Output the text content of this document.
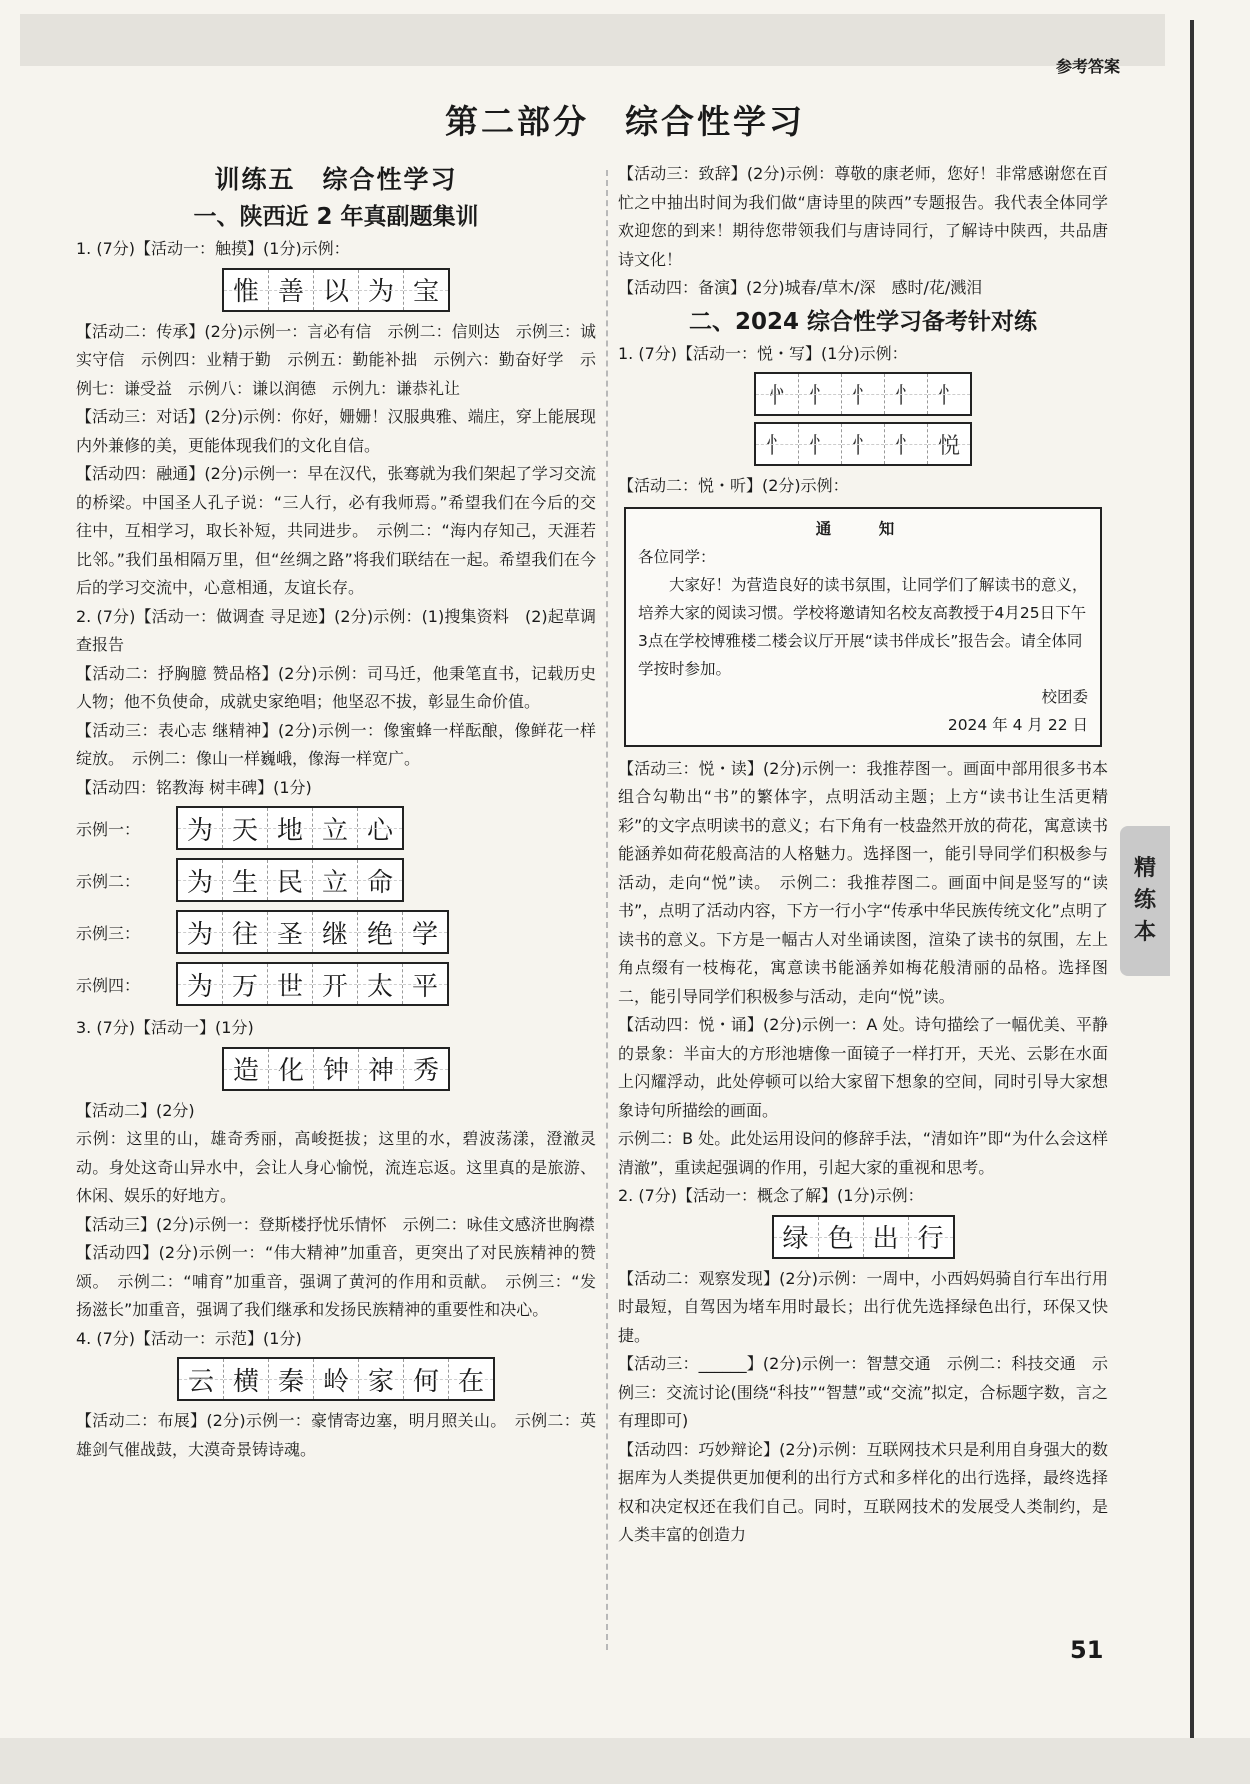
参考答案
第二部分　综合性学习
训练五　综合性学习
一、陕西近 2 年真副题集训

1. (7分)【活动一：触摸】(1分)示例：

惟 善 以 为 宝

【活动二：传承】(2分)示例一：言必有信　示例二：信则达　示例三：诚实守信　示例四：业精于勤　示例五：勤能补拙　示例六：勤奋好学　示例七：谦受益　示例八：谦以润德　示例九：谦恭礼让

【活动三：对话】(2分)示例：你好，姗姗！汉服典雅、端庄，穿上能展现内外兼修的美，更能体现我们的文化自信。

【活动四：融通】(2分)示例一：早在汉代，张骞就为我们架起了学习交流的桥梁。中国圣人孔子说：“三人行，必有我师焉。”希望我们在今后的交往中，互相学习，取长补短，共同进步。　示例二：“海内存知己，天涯若比邻。”我们虽相隔万里，但“丝绸之路”将我们联结在一起。希望我们在今后的学习交流中，心意相通，友谊长存。

2. (7分)【活动一：做调查 寻足迹】(2分)示例：(1)搜集资料　(2)起草调查报告

【活动二：抒胸臆 赞品格】(2分)示例：司马迁，他秉笔直书，记载历史人物；他不负使命，成就史家绝唱；他坚忍不拔，彰显生命价值。

【活动三：表心志 继精神】(2分)示例一：像蜜蜂一样酝酿，像鲜花一样绽放。　示例二：像山一样巍峨，像海一样宽广。

【活动四：铭教海 树丰碑】(1分)

示例一：	为 天 地 立 心
示例二：	为 生 民 立 命
示例三：	为 往 圣 继 绝 学
示例四：	为 万 世 开 太 平

3. (7分)【活动一】(1分)

造 化 钟 神 秀

【活动二】(2分)

示例：这里的山，雄奇秀丽，高峻挺拔；这里的水，碧波荡漾，澄澈灵动。身处这奇山异水中，会让人身心愉悦，流连忘返。这里真的是旅游、休闲、娱乐的好地方。

【活动三】(2分)示例一：登斯楼抒忧乐情怀　示例二：咏佳文感济世胸襟

【活动四】(2分)示例一：“伟大精神”加重音，更突出了对民族精神的赞颂。　示例二：“哺育”加重音，强调了黄河的作用和贡献。　示例三：“发扬滋长”加重音，强调了我们继承和发扬民族精神的重要性和决心。

4. (7分)【活动一：示范】(1分)

云 横 秦 岭 家 何 在

【活动二：布展】(2分)示例一：豪情寄边塞，明月照关山。　示例二：英雄剑气催战鼓，大漠奇景铸诗魂。

【活动三：致辞】(2分)示例：尊敬的康老师，您好！非常感谢您在百忙之中抽出时间为我们做“唐诗里的陕西”专题报告。我代表全体同学欢迎您的到来！期待您带领我们与唐诗同行，了解诗中陕西，共品唐诗文化！

【活动四：备演】(2分)城春/草木/深　感时/花/溅泪

二、2024 综合性学习备考针对练

1. (7分)【活动一：悦・写】(1分)示例：

㣺 忄 忄 忄 忄
忄 忄 忄 忄 悦

【活动二：悦・听】(2分)示例：

通　知
各位同学：
大家好！为营造良好的读书氛围，让同学们了解读书的意义，培养大家的阅读习惯。学校将邀请知名校友高教授于4月25日下午3点在学校博雅楼二楼会议厅开展“读书伴成长”报告会。请全体同学按时参加。
校团委
2024 年 4 月 22 日

【活动三：悦・读】(2分)示例一：我推荐图一。画面中部用很多书本组合勾勒出“书”的繁体字，点明活动主题；上方“读书让生活更精彩”的文字点明读书的意义；右下角有一枝盎然开放的荷花，寓意读书能涵养如荷花般高洁的人格魅力。选择图一，能引导同学们积极参与活动，走向“悦”读。　示例二：我推荐图二。画面中间是竖写的“读书”，点明了活动内容，下方一行小字“传承中华民族传统文化”点明了读书的意义。下方是一幅古人对坐诵读图，渲染了读书的氛围，左上角点缀有一枝梅花，寓意读书能涵养如梅花般清丽的品格。选择图二，能引导同学们积极参与活动，走向“悦”读。

【活动四：悦・诵】(2分)示例一：A 处。诗句描绘了一幅优美、平静的景象：半亩大的方形池塘像一面镜子一样打开，天光、云影在水面上闪耀浮动，此处停顿可以给大家留下想象的空间，同时引导大家想象诗句所描绘的画面。

示例二：B 处。此处运用设问的修辞手法，“清如许”即“为什么会这样清澈”，重读起强调的作用，引起大家的重视和思考。

2. (7分)【活动一：概念了解】(1分)示例：

绿 色 出 行

【活动二：观察发现】(2分)示例：一周中，小西妈妈骑自行车出行用时最短，自驾因为堵车用时最长；出行优先选择绿色出行，环保又快捷。

【活动三：______】(2分)示例一：智慧交通　示例二：科技交通　示例三：交流讨论(围绕“科技”“智慧”或“交流”拟定，合标题字数，言之有理即可)

【活动四：巧妙辩论】(2分)示例：互联网技术只是利用自身强大的数据库为人类提供更加便利的出行方式和多样化的出行选择，最终选择权和决定权还在我们自己。同时，互联网技术的发展受人类制约，是人类丰富的创造力

精
练
本
51
